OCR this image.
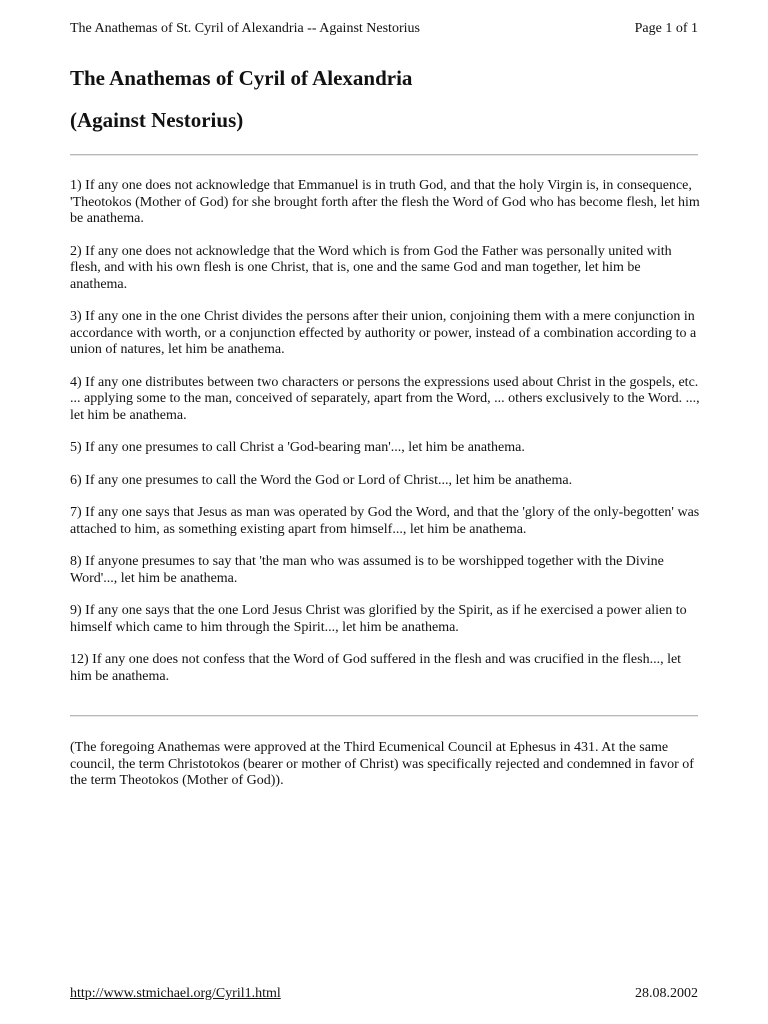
The Anathemas of St. Cyril of Alexandria -- Against Nestorius	Page 1 of 1
The Anathemas of Cyril of Alexandria
(Against Nestorius)

1) If any one does not acknowledge that Emmanuel is in truth God, and that the holy Virgin is, in consequence, 'Theotokos (Mother of God) for she brought forth after the flesh the Word of God who has become flesh, let him be anathema.

2) If any one does not acknowledge that the Word which is from God the Father was personally united with flesh, and with his own flesh is one Christ, that is, one and the same God and man together, let him be anathema.

3) If any one in the one Christ divides the persons after their union, conjoining them with a mere conjunction in accordance with worth, or a conjunction effected by authority or power, instead of a combination according to a union of natures, let him be anathema.

4) If any one distributes between two characters or persons the expressions used about Christ in the gospels, etc. ... applying some to the man, conceived of separately, apart from the Word, ... others exclusively to the Word. ..., let him be anathema.

5) If any one presumes to call Christ a 'God-bearing man'..., let him be anathema.

6) If any one presumes to call the Word the God or Lord of Christ..., let him be anathema.

7) If any one says that Jesus as man was operated by God the Word, and that the 'glory of the only-begotten' was attached to him, as something existing apart from himself..., let him be anathema.

8) If anyone presumes to say that 'the man who was assumed is to be worshipped together with the Divine Word'..., let him be anathema.

9) If any one says that the one Lord Jesus Christ was glorified by the Spirit, as if he exercised a power alien to himself which came to him through the Spirit..., let him be anathema.

12) If any one does not confess that the Word of God suffered in the flesh and was crucified in the flesh..., let him be anathema.

(The foregoing Anathemas were approved at the Third Ecumenical Council at Ephesus in 431. At the same council, the term Christotokos (bearer or mother of Christ) was specifically rejected and condemned in favor of the term Theotokos (Mother of God)).

http://www.stmichael.org/Cyril1.html	28.08.2002
